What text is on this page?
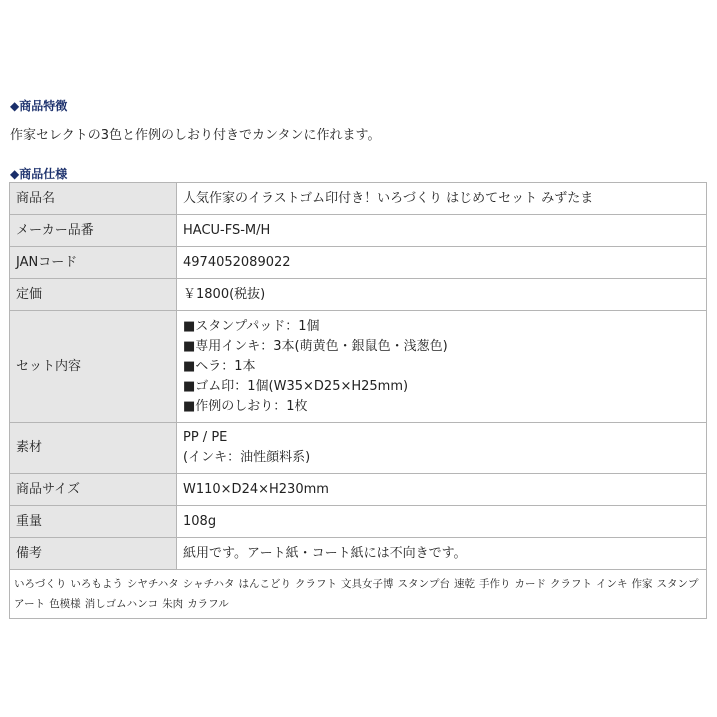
◆商品特徴
作家セレクトの3色と作例のしおり付きでカンタンに作れます。
◆商品仕様
商品名	人気作家のイラストゴム印付き！いろづくり はじめてセット みずたま
メーカー品番	HACU-FS-M/H
JANコード	4974052089022
定価	￥1800(税抜)
セット内容	■スタンプパッド：1個
■専用インキ：3本(萌黄色・銀鼠色・浅葱色)
■ヘラ：1本
■ゴム印：1個(W35×D25×H25mm)
■作例のしおり：1枚

素材	PP / PE
(インキ：油性顔料系)

商品サイズ	W110×D24×H230mm
重量	108g
備考	紙用です。アート紙・コート紙には不向きです。
いろづくり いろもよう シヤチハタ シャチハタ はんこどり クラフト 文具女子博 スタンプ台 速乾 手作り カード クラフト インキ 作家 スタンプアート 色模様 消しゴムハンコ 朱肉 カラフル	
